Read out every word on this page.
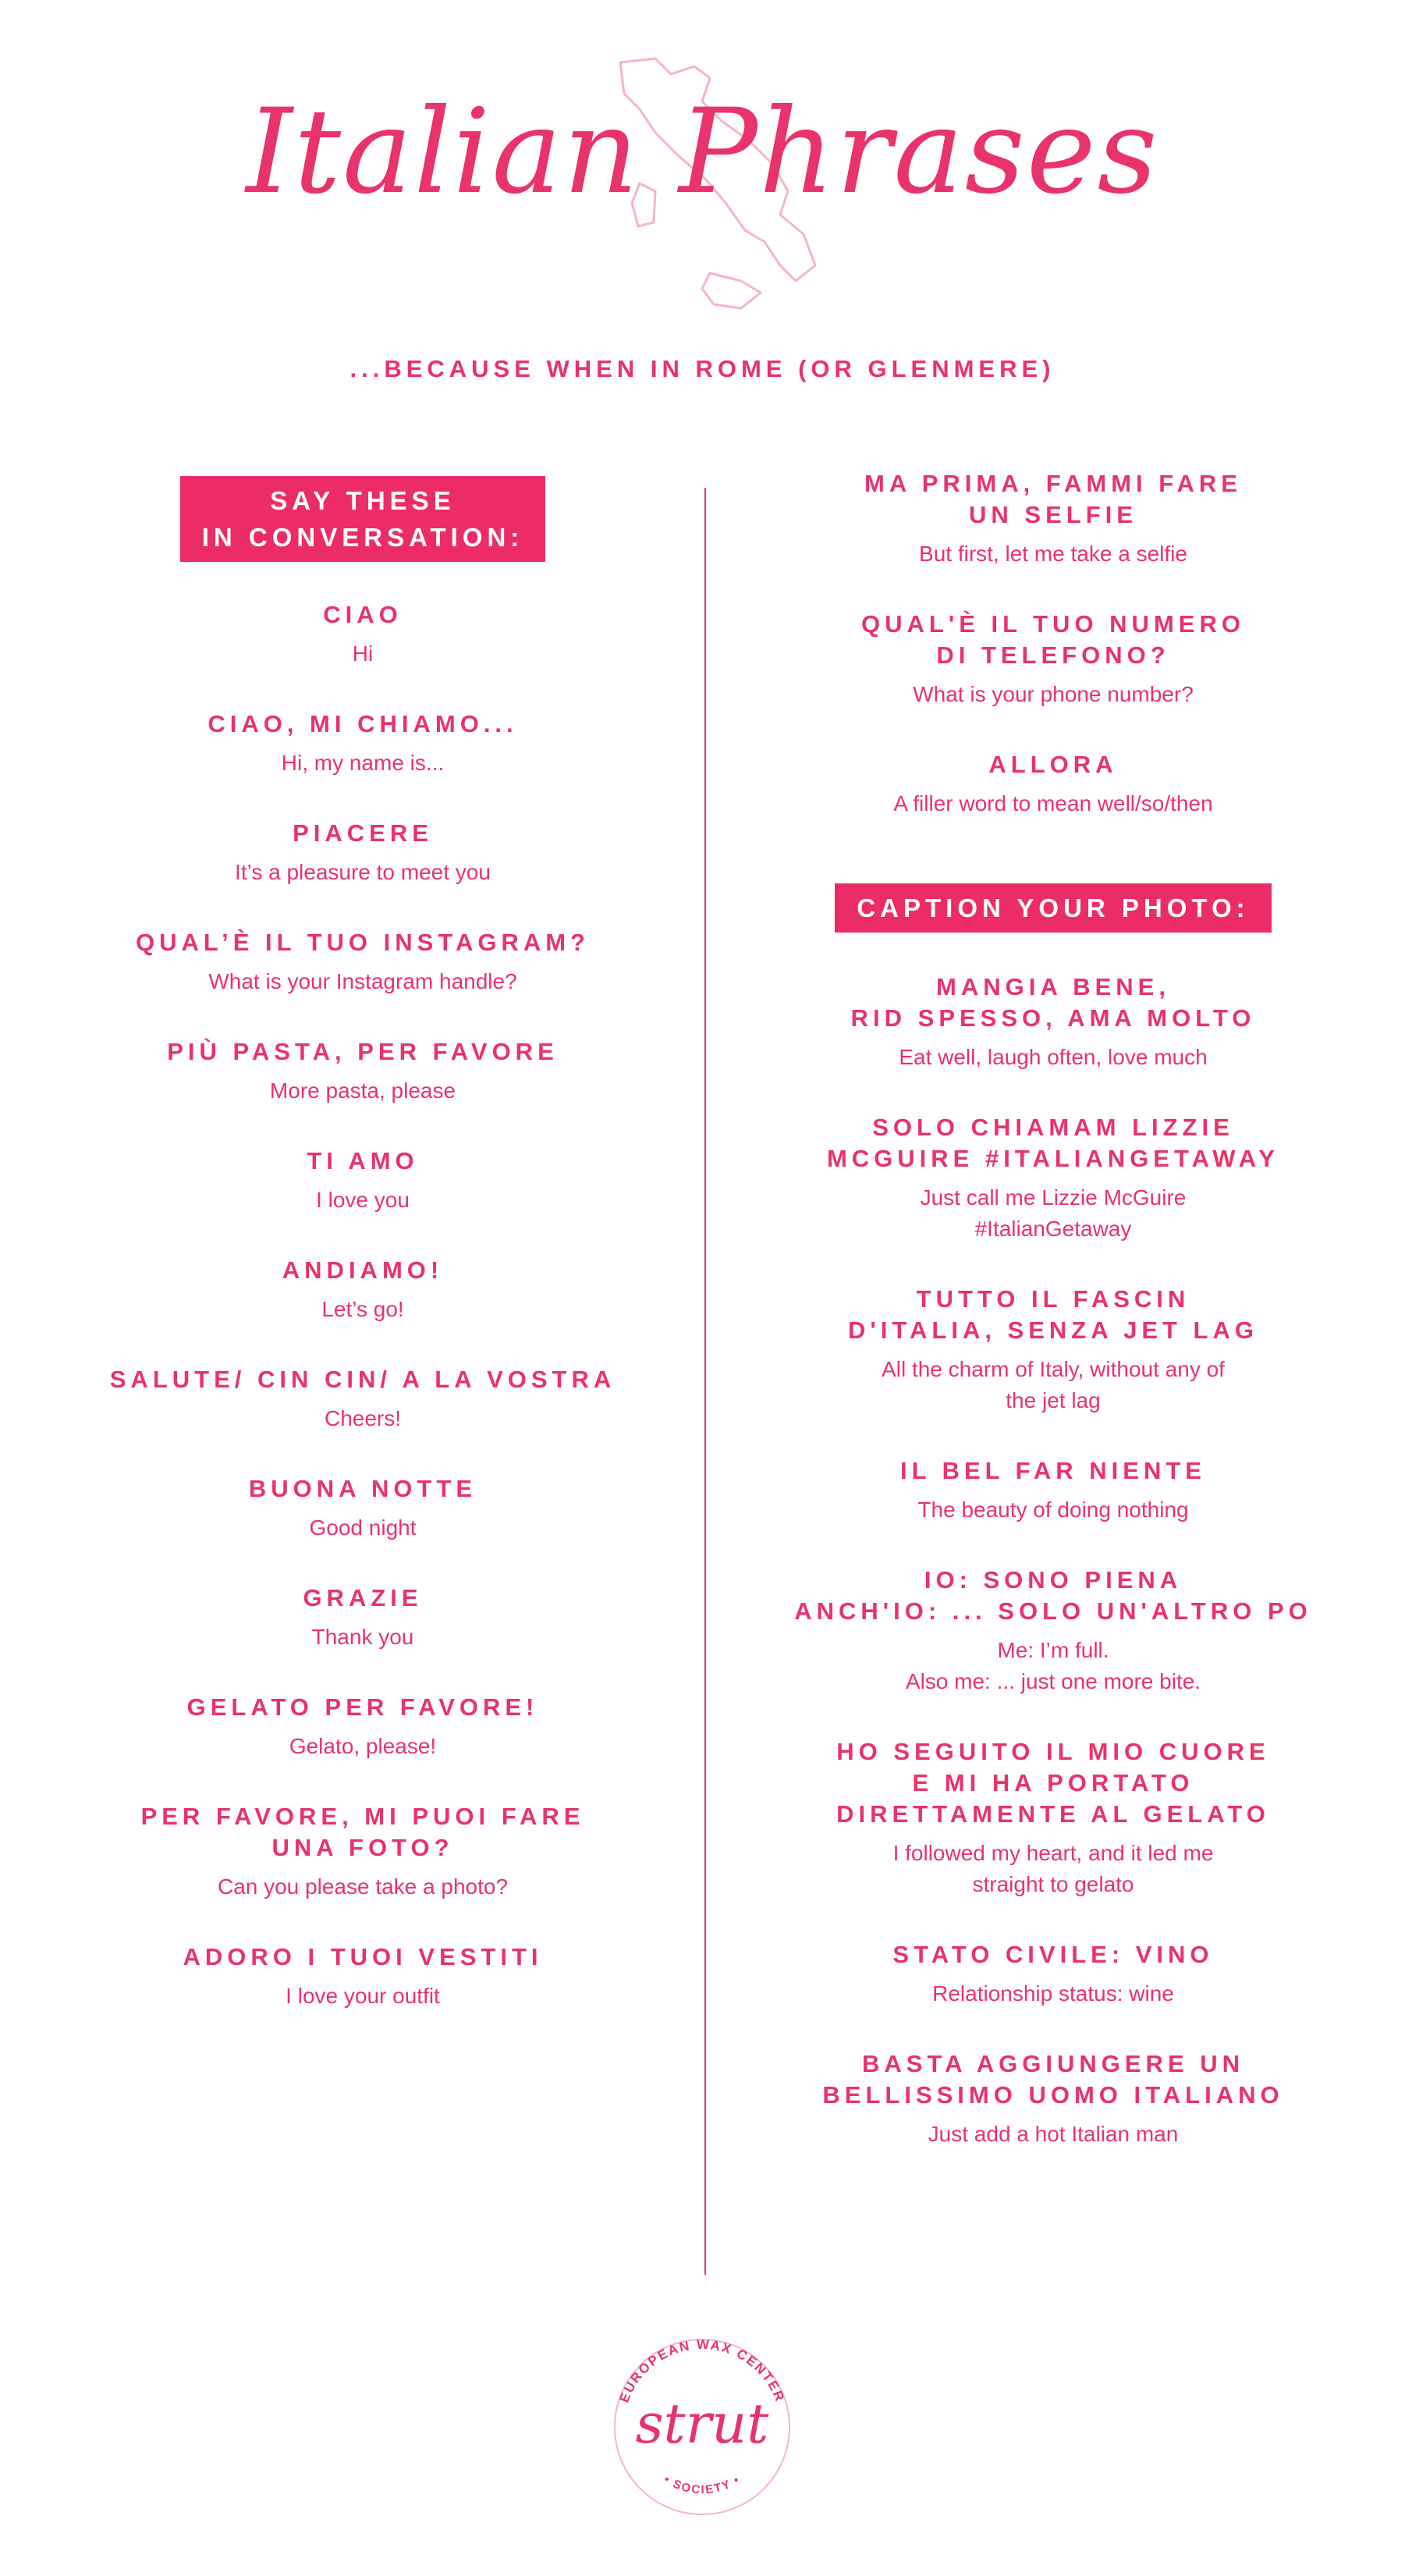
Italian Phrases
...BECAUSE WHEN IN ROME (OR GLENMERE)
SAY THESE
IN CONVERSATION:
CIAO
Hi
CIAO, MI CHIAMO...
Hi, my name is...
PIACERE
It’s a pleasure to meet you
QUAL’È IL TUO INSTAGRAM?
What is your Instagram handle?
PIÙ PASTA, PER FAVORE
More pasta, please
TI AMO
I love you
ANDIAMO!
Let’s go!
SALUTE/ CIN CIN/ A LA VOSTRA
Cheers!
BUONA NOTTE
Good night
GRAZIE
Thank you
GELATO PER FAVORE!
Gelato, please!
PER FAVORE, MI PUOI FARE
UNA FOTO?
Can you please take a photo?
ADORO I TUOI VESTITI
I love your outfit
MA PRIMA, FAMMI FARE
UN SELFIE
But first, let me take a selfie
QUAL'È IL TUO NUMERO
DI TELEFONO?
What is your phone number?
ALLORA
A filler word to mean well/so/then
CAPTION YOUR PHOTO:
MANGIA BENE,
RID SPESSO, AMA MOLTO
Eat well, laugh often, love much
SOLO CHIAMAM LIZZIE
MCGUIRE #ITALIANGETAWAY
Just call me Lizzie McGuire
#ItalianGetaway
TUTTO IL FASCIN
D'ITALIA, SENZA JET LAG
All the charm of Italy, without any of
the jet lag
IL BEL FAR NIENTE
The beauty of doing nothing
IO: SONO PIENA
ANCH'IO: ... SOLO UN'ALTRO PO
Me: I’m full.
Also me: ... just one more bite.
HO SEGUITO IL MIO CUORE
E MI HA PORTATO
DIRETTAMENTE AL GELATO
I followed my heart, and it led me
straight to gelato
STATO CIVILE: VINO
Relationship status: wine
BASTA AGGIUNGERE UN
BELLISSIMO UOMO ITALIANO
Just add a hot Italian man
EUROPEAN WAX CENTER
strut
• SOCIETY •
